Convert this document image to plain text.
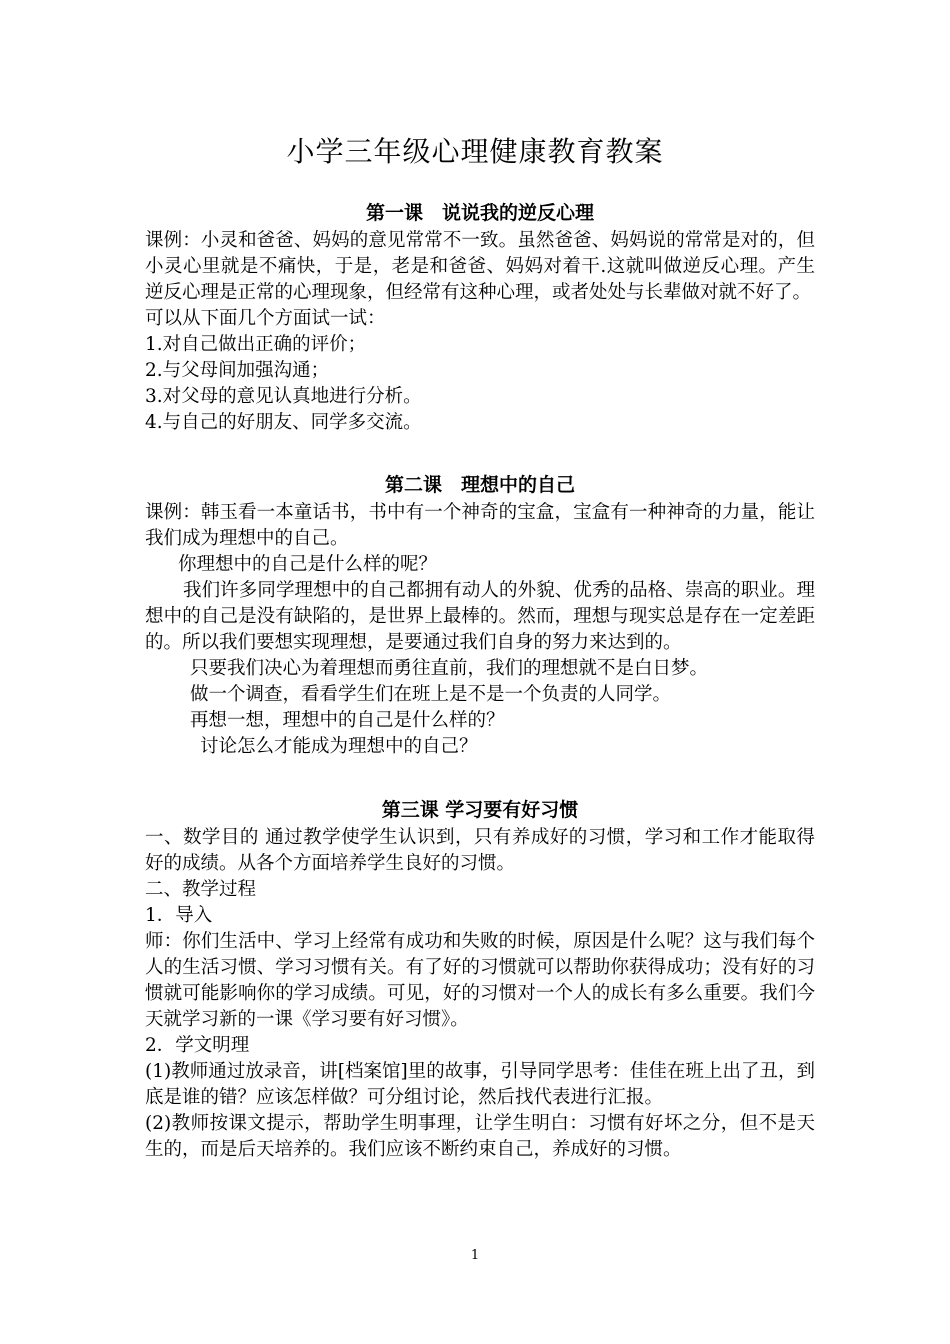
小学三年级心理健康教育教案
第一课　说说我的逆反心理

课例：小灵和爸爸、妈妈的意见常常不一致。虽然爸爸、妈妈说的常常是对的，但小灵心里就是不痛快，于是，老是和爸爸、妈妈对着干.这就叫做逆反心理。产生逆反心理是正常的心理现象，但经常有这种心理，或者处处与长辈做对就不好了。

可以从下面几个方面试一试：

1.对自己做出正确的评价；

2.与父母间加强沟通；

3.对父母的意见认真地进行分析。

4.与自己的好朋友、同学多交流。

第二课　理想中的自己

课例：韩玉看一本童话书，书中有一个神奇的宝盒，宝盒有一种神奇的力量，能让我们成为理想中的自己。

你理想中的自己是什么样的呢？

我们许多同学理想中的自己都拥有动人的外貌、优秀的品格、崇高的职业。理想中的自己是没有缺陷的，是世界上最棒的。然而，理想与现实总是存在一定差距的。所以我们要想实现理想，是要通过我们自身的努力来达到的。

只要我们决心为着理想而勇往直前，我们的理想就不是白日梦。

做一个调查，看看学生们在班上是不是一个负责的人同学。

再想一想，理想中的自己是什么样的？

讨论怎么才能成为理想中的自己？

第三课 学习要有好习惯

一、数学目的 通过教学使学生认识到，只有养成好的习惯，学习和工作才能取得好的成绩。从各个方面培养学生良好的习惯。

二、教学过程

1．导入

师：你们生活中、学习上经常有成功和失败的时候，原因是什么呢？这与我们每个人的生活习惯、学习习惯有关。有了好的习惯就可以帮助你获得成功；没有好的习惯就可能影响你的学习成绩。可见，好的习惯对一个人的成长有多么重要。我们今天就学习新的一课《学习要有好习惯》。

2．学文明理

(1)教师通过放录音，讲[档案馆]里的故事，引导同学思考：佳佳在班上出了丑，到底是谁的错？应该怎样做？可分组讨论，然后找代表进行汇报。

(2)教师按课文提示，帮助学生明事理，让学生明白：习惯有好坏之分，但不是天生的，而是后天培养的。我们应该不断约束自己，养成好的习惯。

1
